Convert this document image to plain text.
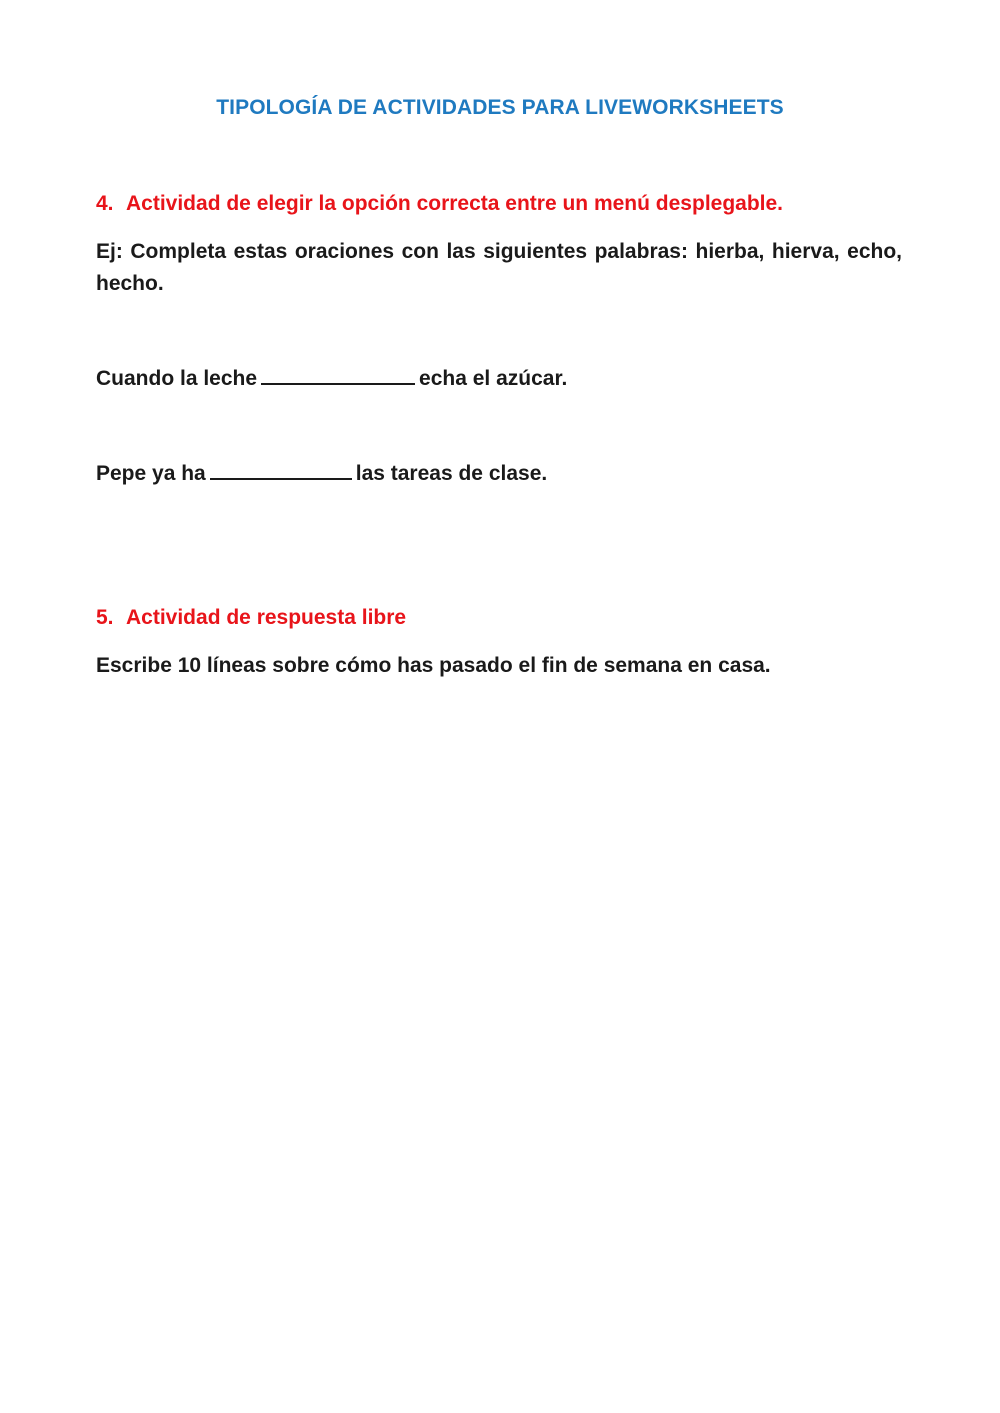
TIPOLOGÍA DE ACTIVIDADES PARA LIVEWORKSHEETS
4. Actividad de elegir la opción correcta entre un menú desplegable.

Ej: Completa estas oraciones con las siguientes palabras: hierba, hierva, echo, hecho.

Cuando la leche	echa el azúcar.

Pepe ya ha	las tareas de clase.

5. Actividad de respuesta libre

Escribe 10 líneas sobre cómo has pasado el fin de semana en casa.
